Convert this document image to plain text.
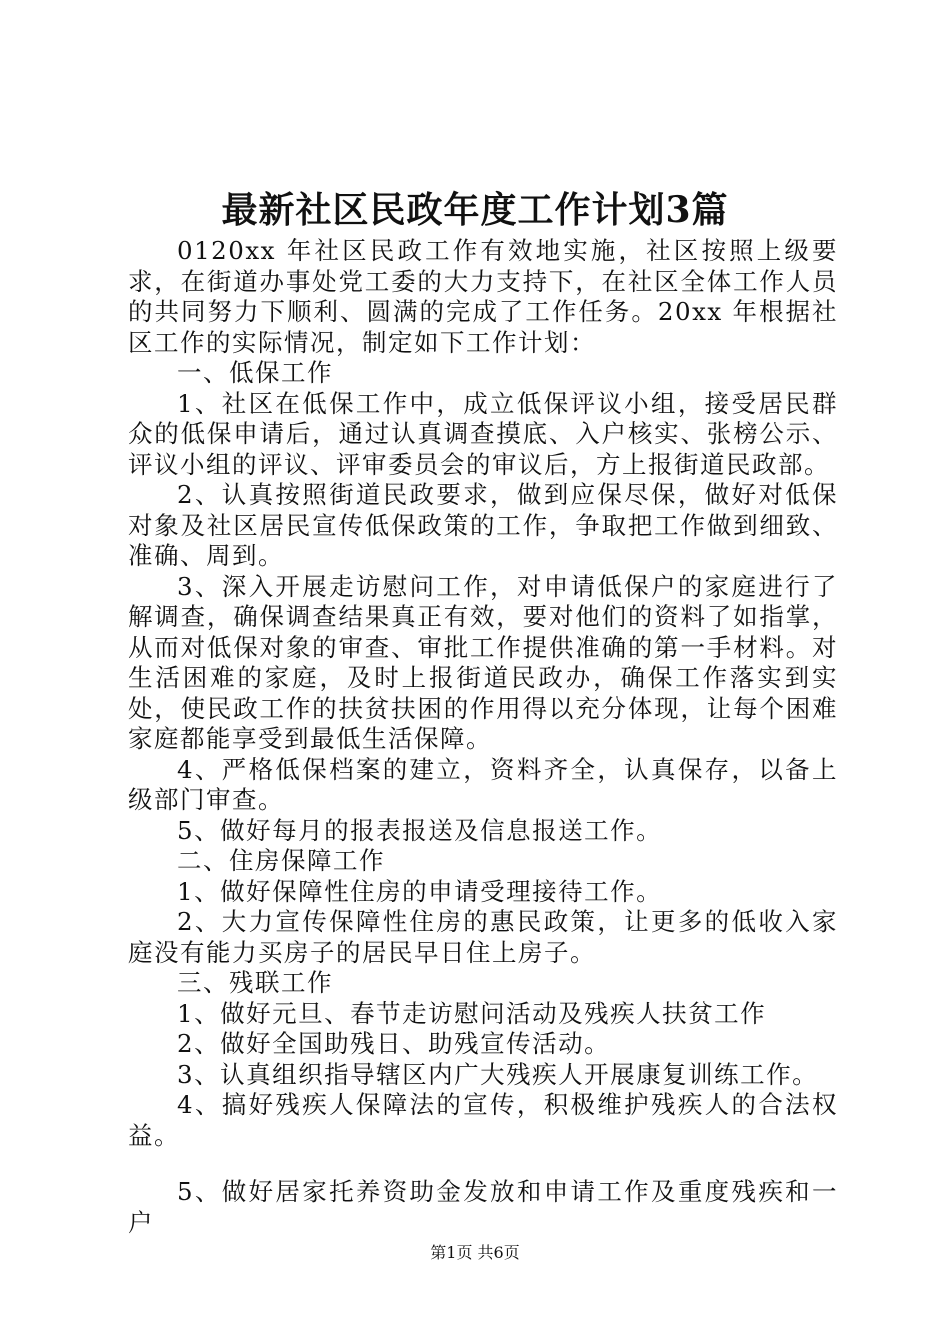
最新社区民政年度工作计划3篇

0120xx 年社区民政工作有效地实施，社区按照上级要求，在街道办事处党工委的大力支持下，在社区全体工作人员的共同努力下顺利、圆满的完成了工作任务。20xx 年根据社区工作的实际情况，制定如下工作计划：

一、低保工作

1、社区在低保工作中，成立低保评议小组，接受居民群众的低保申请后，通过认真调查摸底、入户核实、张榜公示、评议小组的评议、评审委员会的审议后，方上报街道民政部。

2、认真按照街道民政要求，做到应保尽保，做好对低保对象及社区居民宣传低保政策的工作，争取把工作做到细致、准确、周到。

3、深入开展走访慰问工作，对申请低保户的家庭进行了解调查，确保调查结果真正有效，要对他们的资料了如指掌，从而对低保对象的审查、审批工作提供准确的第一手材料。对生活困难的家庭，及时上报街道民政办，确保工作落实到实处，使民政工作的扶贫扶困的作用得以充分体现，让每个困难家庭都能享受到最低生活保障。

4、严格低保档案的建立，资料齐全，认真保存，以备上级部门审查。

5、做好每月的报表报送及信息报送工作。

二、住房保障工作

1、做好保障性住房的申请受理接待工作。

2、大力宣传保障性住房的惠民政策，让更多的低收入家庭没有能力买房子的居民早日住上房子。

三、残联工作

1、做好元旦、春节走访慰问活动及残疾人扶贫工作

2、做好全国助残日、助残宣传活动。

3、认真组织指导辖区内广大残疾人开展康复训练工作。

4、搞好残疾人保障法的宣传，积极维护残疾人的合法权益。

5、做好居家托养资助金发放和申请工作及重度残疾和一户

第1页 共6页
